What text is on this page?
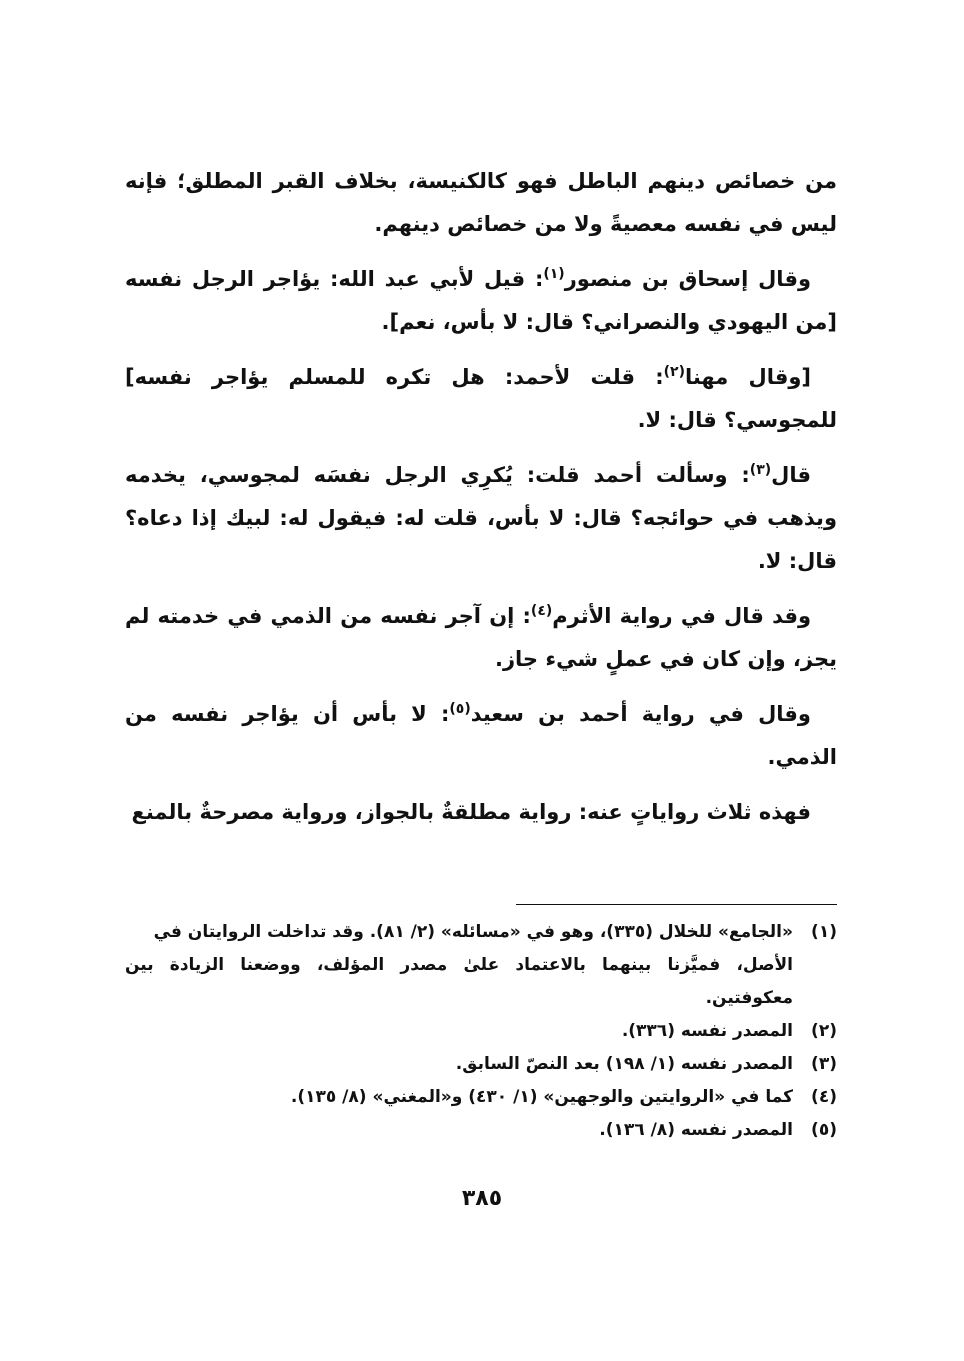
من خصائص دينهم الباطل فهو كالكنيسة، بخلاف القبر المطلق؛ فإنه ليس في نفسه معصيةً ولا من خصائص دينهم.

وقال إسحاق بن منصور$^{(١)}$: قيل لأبي عبد الله: يؤاجر الرجل نفسه [من اليهودي والنصراني؟ قال: لا بأس، نعم].

[وقال مهنا$^{(٢)}$: قلت لأحمد: هل تكره للمسلم يؤاجر نفسه] للمجوسي؟ قال: لا.

قال$^{(٣)}$: وسألت أحمد قلت: يُكرِي الرجل نفسَه لمجوسي، يخدمه ويذهب في حوائجه؟ قال: لا بأس، قلت له: فيقول له: لبيك إذا دعاه؟ قال: لا.

وقد قال في رواية الأثرم$^{(٤)}$: إن آجر نفسه من الذمي في خدمته لم يجز، وإن كان في عملٍ شيء جاز.

وقال في رواية أحمد بن سعيد$^{(٥)}$: لا بأس أن يؤاجر نفسه من الذمي.

فهذه ثلاث رواياتٍ عنه: رواية مطلقةٌ بالجواز، ورواية مصرحةٌ بالمنع

(١)«الجامع» للخلال (٣٣٥)، وهو في «مسائله» (٢/ ٨١). وقد تداخلت الروايتان في
الأصل، فميَّزنا بينهما بالاعتماد علىٰ مصدر المؤلف، ووضعنا الزيادة بين معكوفتين.
(٢)المصدر نفسه (٣٣٦).
(٣)المصدر نفسه (١/ ١٩٨) بعد النصّ السابق.
(٤)كما في «الروايتين والوجهين» (١/ ٤٣٠) و«المغني» (٨/ ١٣٥).
(٥)المصدر نفسه (٨/ ١٣٦).
٣٨٥
